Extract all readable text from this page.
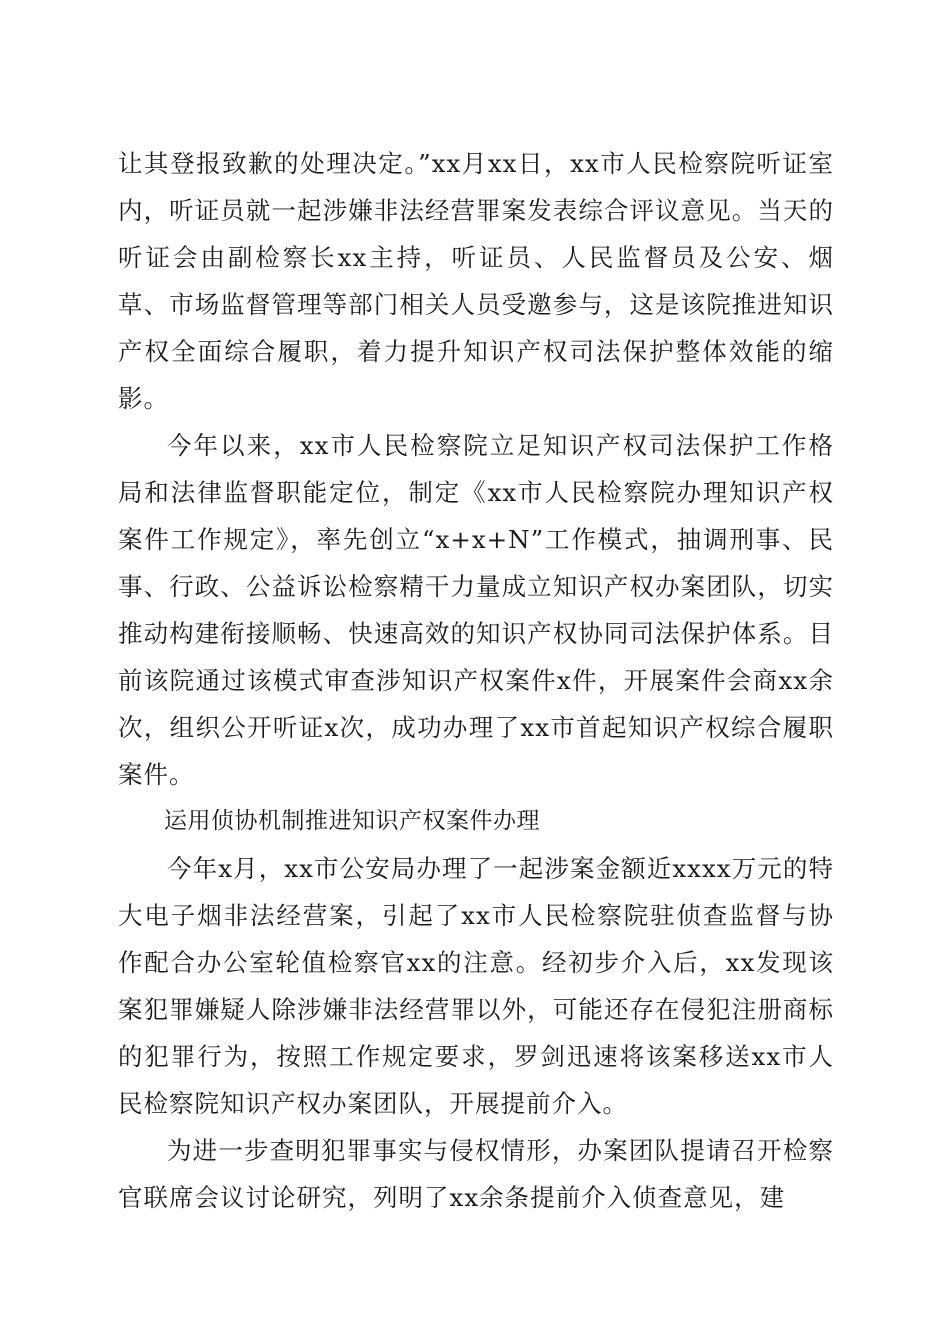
让其登报致歉的处理决定。”xx月xx日，xx市人民检察院听证室内，听证员就一起涉嫌非法经营罪案发表综合评议意见。当天的听证会由副检察长xx主持，听证员、人民监督员及公安、烟草、市场监督管理等部门相关人员受邀参与，这是该院推进知识产权全面综合履职，着力提升知识产权司法保护整体效能的缩影。

今年以来，xx市人民检察院立足知识产权司法保护工作格局和法律监督职能定位，制定《xx市人民检察院办理知识产权案件工作规定》，率先创立“x+x+N”工作模式，抽调刑事、民事、行政、公益诉讼检察精干力量成立知识产权办案团队，切实推动构建衔接顺畅、快速高效的知识产权协同司法保护体系。目前该院通过该模式审查涉知识产权案件x件，开展案件会商xx余次，组织公开听证x次，成功办理了xx市首起知识产权综合履职案件。

运用侦协机制推进知识产权案件办理

今年x月，xx市公安局办理了一起涉案金额近xxxx万元的特大电子烟非法经营案，引起了xx市人民检察院驻侦查监督与协作配合办公室轮值检察官xx的注意。经初步介入后，xx发现该案犯罪嫌疑人除涉嫌非法经营罪以外，可能还存在侵犯注册商标的犯罪行为，按照工作规定要求，罗剑迅速将该案移送xx市人民检察院知识产权办案团队，开展提前介入。

为进一步查明犯罪事实与侵权情形，办案团队提请召开检察官联席会议讨论研究，列明了xx余条提前介入侦查意见，建
